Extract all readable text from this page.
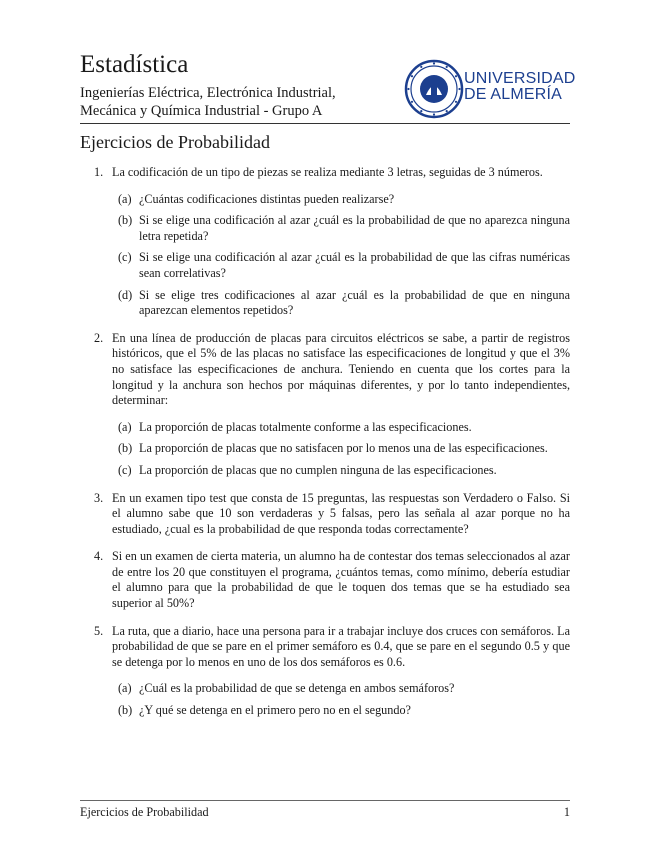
Estadística
Ingenierías Eléctrica, Electrónica Industrial,
Mecánica y Química Industrial - Grupo A
UNIVERSIDAD
DE ALMERÍA
Ejercicios de Probabilidad
1. La codificación de un tipo de piezas se realiza mediante 3 letras, seguidas de 3 números.
(a) ¿Cuántas codificaciones distintas pueden realizarse?
(b) Si se elige una codificación al azar ¿cuál es la probabilidad de que no aparezca ninguna letra repetida?
(c) Si se elige una codificación al azar ¿cuál es la probabilidad de que las cifras numéricas sean correlativas?
(d) Si se elige tres codificaciones al azar ¿cuál es la probabilidad de que en ninguna aparezcan elementos repetidos?
2. En una línea de producción de placas para circuitos eléctricos se sabe, a partir de registros históricos, que el 5% de las placas no satisface las especificaciones de longitud y que el 3% no satisface las especificaciones de anchura. Teniendo en cuenta que los cortes para la longitud y la anchura son hechos por máquinas diferentes, y por lo tanto independientes, determinar:
(a) La proporción de placas totalmente conforme a las especificaciones.
(b) La proporción de placas que no satisfacen por lo menos una de las especificaciones.
(c) La proporción de placas que no cumplen ninguna de las especificaciones.
3. En un examen tipo test que consta de 15 preguntas, las respuestas son Verdadero o Falso. Si el alumno sabe que 10 son verdaderas y 5 falsas, pero las señala al azar porque no ha estudiado, ¿cual es la probabilidad de que responda todas correctamente?
4. Si en un examen de cierta materia, un alumno ha de contestar dos temas seleccionados al azar de entre los 20 que constituyen el programa, ¿cuántos temas, como mínimo, debería estudiar el alumno para que la probabilidad de que le toquen dos temas que se ha estudiado sea superior al 50%?
5. La ruta, que a diario, hace una persona para ir a trabajar incluye dos cruces con semáforos. La probabilidad de que se pare en el primer semáforo es 0.4, que se pare en el segundo 0.5 y que se detenga por lo menos en uno de los dos semáforos es 0.6.
(a) ¿Cuál es la probabilidad de que se detenga en ambos semáforos?
(b) ¿Y qué se detenga en el primero pero no en el segundo?
Ejercicios de Probabilidad	1
